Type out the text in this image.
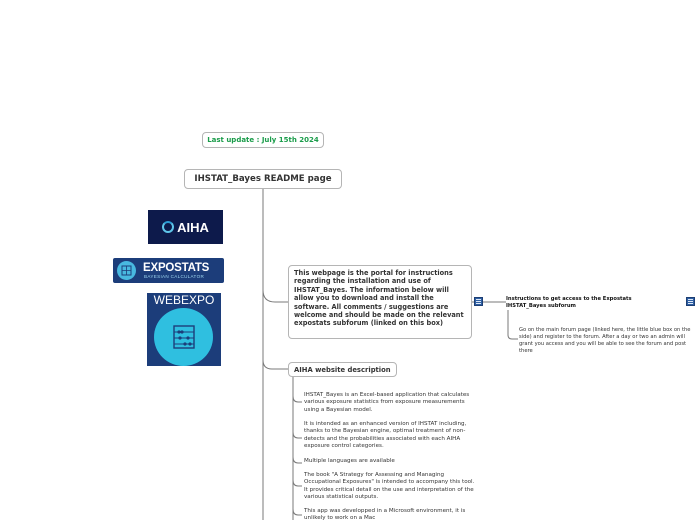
Last update : July 15th 2024
IHSTAT_Bayes README page
AIHA
EXPOSTATS
BAYESIAN CALCULATOR
WEBEXPO
This webpage is the portal for instructions regarding the installation and use of IHSTAT_Bayes. The information below will allow you to download and install the software. All comments / suggestions are welcome and should be made on the relevant expostats subforum (linked on this box)
Instructions to get access to the Expostats IHSTAT_Bayes subforum
Go on the main forum page (linked here, the little blue box on the side) and register to the forum. After a day or two an admin will grant you access and you will be able to see the forum and post there
AIHA website description
IHSTAT_Bayes is an Excel-based application that calculates various exposure statistics from exposure measurements using a Bayesian model.
It is intended as an enhanced version of IHSTAT including, thanks to the Bayesian engine, optimal treatment of non-detects and the probabilities associated with each AIHA exposure control categories.
Multiple languages are available
The book "A Strategy for Assessing and Managing Occupational Exposures" is intended to accompany this tool. It provides critical detail on the use and interpretation of the various statistical outputs.
This app was developped in a Microsoft environment, it is unlikely to work on a Mac
